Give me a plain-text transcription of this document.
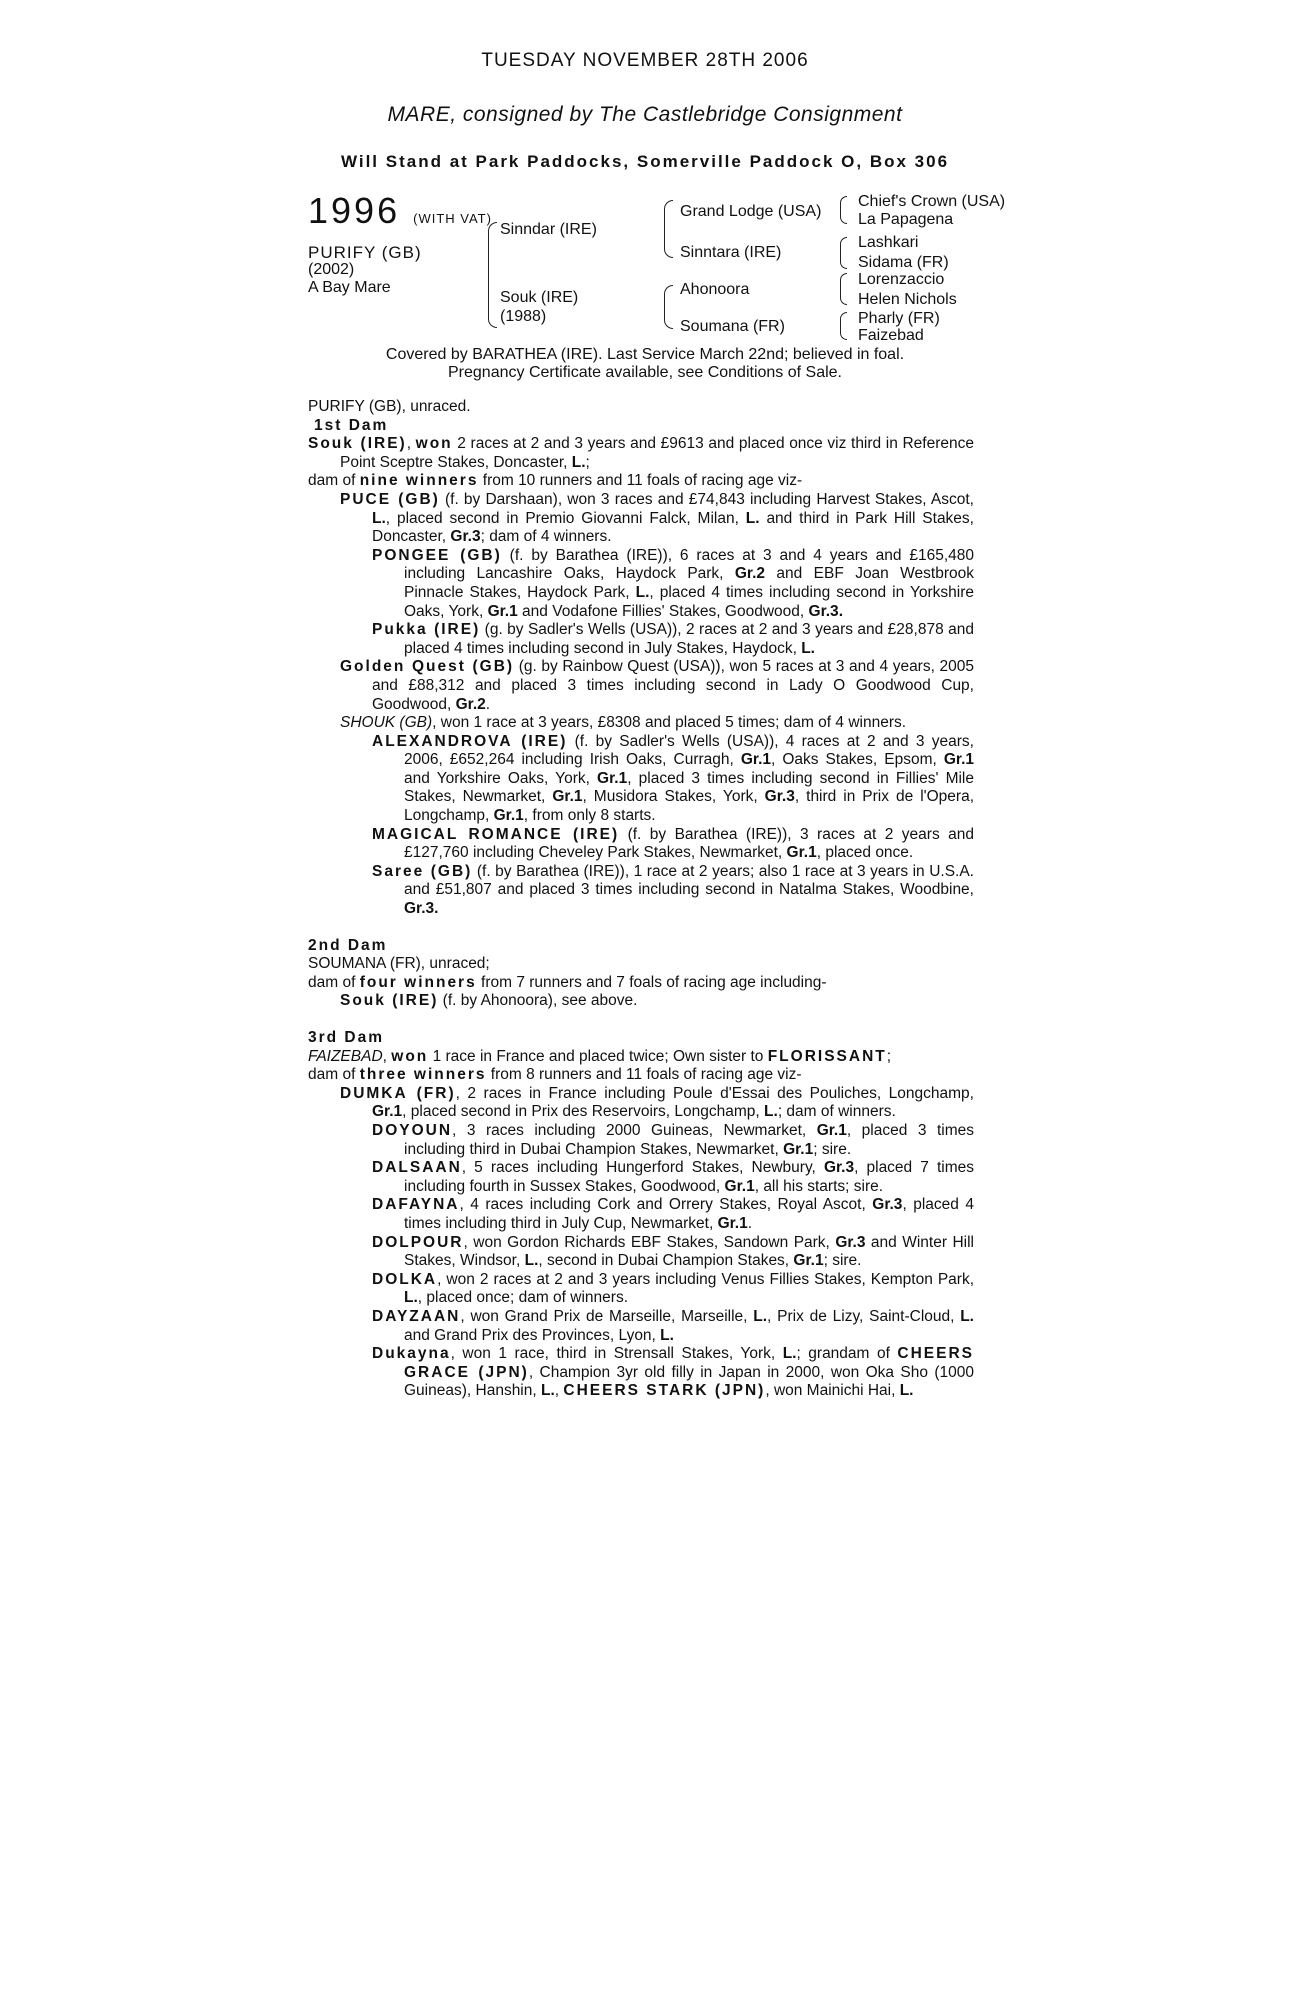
TUESDAY NOVEMBER 28TH 2006
MARE, consigned by The Castlebridge Consignment
Will Stand at Park Paddocks, Somerville Paddock O, Box 306
1996 (WITH VAT)
PURIFY (GB)
(2002)
A Bay Mare
Sinndar (IRE)
Souk (IRE)
(1988)
Grand Lodge (USA)
Sinntara (IRE)
Ahonoora
Soumana (FR)
Chief's Crown (USA)
La Papagena
Lashkari
Sidama (FR)
Lorenzaccio
Helen Nichols
Pharly (FR)
Faizebad
Covered by BARATHEA (IRE). Last Service March 22nd; believed in foal.
Pregnancy Certificate available, see Conditions of Sale.

PURIFY (GB), unraced.

1st Dam

Souk (IRE), won 2 races at 2 and 3 years and £9613 and placed once viz third in Reference Point Sceptre Stakes, Doncaster, L.;

dam of nine winners from 10 runners and 11 foals of racing age viz-

PUCE (GB) (f. by Darshaan), won 3 races and £74,843 including Harvest Stakes, Ascot, L., placed second in Premio Giovanni Falck, Milan, L. and third in Park Hill Stakes, Doncaster, Gr.3; dam of 4 winners.

PONGEE (GB) (f. by Barathea (IRE)), 6 races at 3 and 4 years and £165,480 including Lancashire Oaks, Haydock Park, Gr.2 and EBF Joan Westbrook Pinnacle Stakes, Haydock Park, L., placed 4 times including second in Yorkshire Oaks, York, Gr.1 and Vodafone Fillies' Stakes, Goodwood, Gr.3.

Pukka (IRE) (g. by Sadler's Wells (USA)), 2 races at 2 and 3 years and £28,878 and placed 4 times including second in July Stakes, Haydock, L.

Golden Quest (GB) (g. by Rainbow Quest (USA)), won 5 races at 3 and 4 years, 2005 and £88,312 and placed 3 times including second in Lady O Goodwood Cup, Goodwood, Gr.2.

SHOUK (GB), won 1 race at 3 years, £8308 and placed 5 times; dam of 4 winners.

ALEXANDROVA (IRE) (f. by Sadler's Wells (USA)), 4 races at 2 and 3 years, 2006, £652,264 including Irish Oaks, Curragh, Gr.1, Oaks Stakes, Epsom, Gr.1 and Yorkshire Oaks, York, Gr.1, placed 3 times including second in Fillies' Mile Stakes, Newmarket, Gr.1, Musidora Stakes, York, Gr.3, third in Prix de l'Opera, Longchamp, Gr.1, from only 8 starts.

MAGICAL ROMANCE (IRE) (f. by Barathea (IRE)), 3 races at 2 years and £127,760 including Cheveley Park Stakes, Newmarket, Gr.1, placed once.

Saree (GB) (f. by Barathea (IRE)), 1 race at 2 years; also 1 race at 3 years in U.S.A. and £51,807 and placed 3 times including second in Natalma Stakes, Woodbine, Gr.3.

2nd Dam

SOUMANA (FR), unraced;

dam of four winners from 7 runners and 7 foals of racing age including-

Souk (IRE) (f. by Ahonoora), see above.

3rd Dam

FAIZEBAD, won 1 race in France and placed twice; Own sister to FLORISSANT;

dam of three winners from 8 runners and 11 foals of racing age viz-

DUMKA (FR), 2 races in France including Poule d'Essai des Pouliches, Longchamp, Gr.1, placed second in Prix des Reservoirs, Longchamp, L.; dam of winners.

DOYOUN, 3 races including 2000 Guineas, Newmarket, Gr.1, placed 3 times including third in Dubai Champion Stakes, Newmarket, Gr.1; sire.

DALSAAN, 5 races including Hungerford Stakes, Newbury, Gr.3, placed 7 times including fourth in Sussex Stakes, Goodwood, Gr.1, all his starts; sire.

DAFAYNA, 4 races including Cork and Orrery Stakes, Royal Ascot, Gr.3, placed 4 times including third in July Cup, Newmarket, Gr.1.

DOLPOUR, won Gordon Richards EBF Stakes, Sandown Park, Gr.3 and Winter Hill Stakes, Windsor, L., second in Dubai Champion Stakes, Gr.1; sire.

DOLKA, won 2 races at 2 and 3 years including Venus Fillies Stakes, Kempton Park, L., placed once; dam of winners.

DAYZAAN, won Grand Prix de Marseille, Marseille, L., Prix de Lizy, Saint-Cloud, L. and Grand Prix des Provinces, Lyon, L.

Dukayna, won 1 race, third in Strensall Stakes, York, L.; grandam of CHEERS GRACE (JPN), Champion 3yr old filly in Japan in 2000, won Oka Sho (1000 Guineas), Hanshin, L., CHEERS STARK (JPN), won Mainichi Hai, L.
